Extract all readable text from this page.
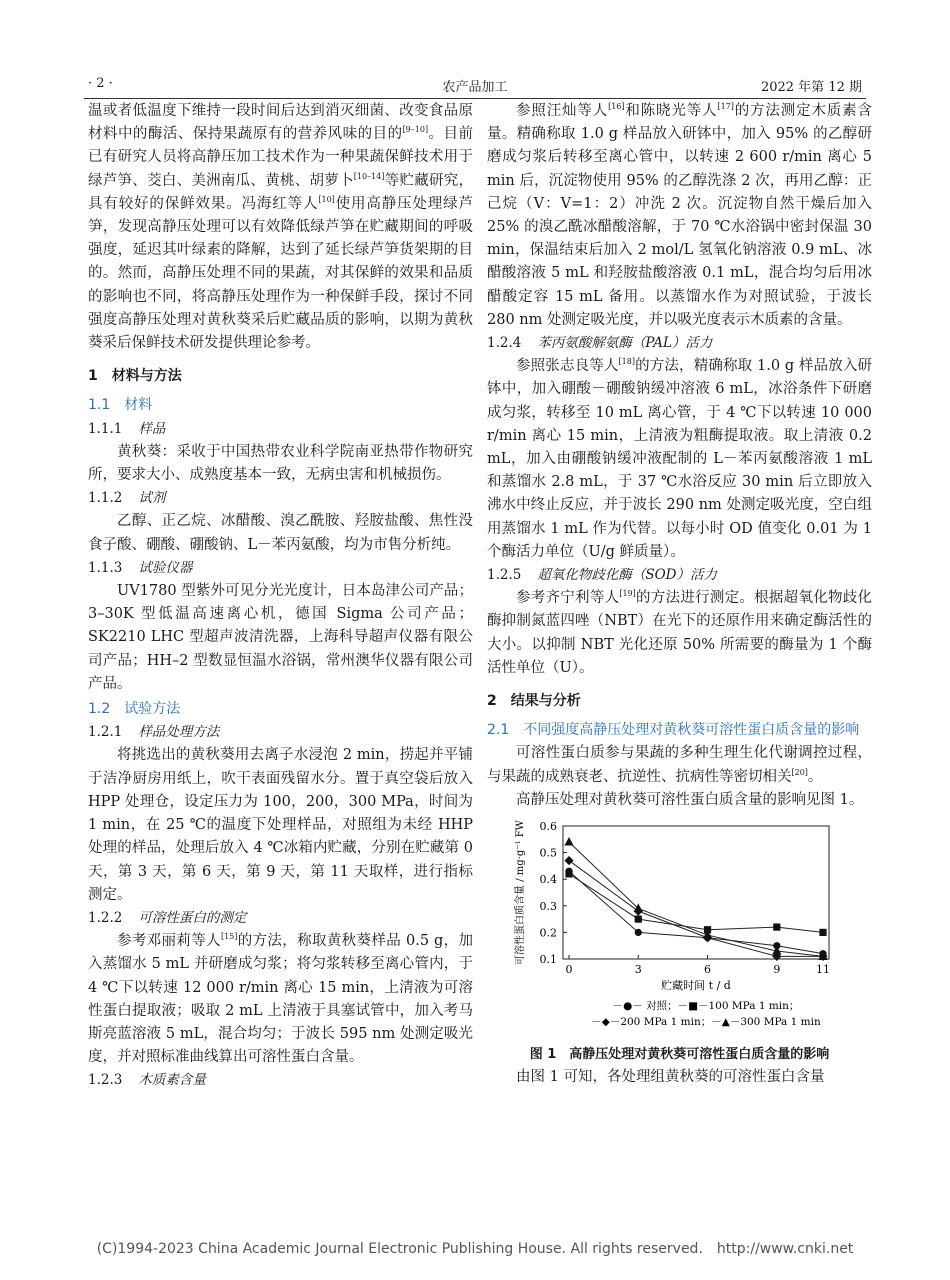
· 2 ·	农产品加工	2022 年第 12 期

温或者低温度下维持一段时间后达到消灭细菌、改变食品原材料中的酶活、保持果蔬原有的营养风味的目的[9–10]。目前已有研究人员将高静压加工技术作为一种果蔬保鲜技术用于绿芦笋、茭白、美洲南瓜、黄桃、胡萝卜[10–14]等贮藏研究，具有较好的保鲜效果。冯海红等人[10]使用高静压处理绿芦笋，发现高静压处理可以有效降低绿芦笋在贮藏期间的呼吸强度，延迟其叶绿素的降解，达到了延长绿芦笋货架期的目的。然而，高静压处理不同的果蔬，对其保鲜的效果和品质的影响也不同，将高静压处理作为一种保鲜手段，探讨不同强度高静压处理对黄秋葵采后贮藏品质的影响，以期为黄秋葵采后保鲜技术研发提供理论参考。

1　材料与方法
1.1　材料
1.1.1 样品

黄秋葵：采收于中国热带农业科学院南亚热带作物研究所，要求大小、成熟度基本一致，无病虫害和机械损伤。

1.1.2 试剂

乙醇、正乙烷、冰醋酸、溴乙酰胺、羟胺盐酸、焦性没食子酸、硼酸、硼酸钠、L－苯丙氨酸，均为市售分析纯。

1.1.3 试验仪器

UV1780 型紫外可见分光光度计，日本岛津公司产品；3–30K 型低温高速离心机，德国 Sigma 公司产品；SK2210 LHC 型超声波清洗器，上海科导超声仪器有限公司产品；HH–2 型数显恒温水浴锅，常州澳华仪器有限公司产品。

1.2　试验方法
1.2.1 样品处理方法

将挑选出的黄秋葵用去离子水浸泡 2 min，捞起并平铺于洁净厨房用纸上，吹干表面残留水分。置于真空袋后放入 HPP 处理仓，设定压力为 100，200，300 MPa，时间为 1 min，在 25 ℃的温度下处理样品，对照组为未经 HHP 处理的样品，处理后放入 4 ℃冰箱内贮藏，分别在贮藏第 0 天，第 3 天，第 6 天，第 9 天，第 11 天取样，进行指标测定。

1.2.2 可溶性蛋白的测定

参考邓丽莉等人[15]的方法，称取黄秋葵样品 0.5 g，加入蒸馏水 5 mL 并研磨成匀浆；将匀浆转移至离心管内，于 4 ℃下以转速 12 000 r/min 离心 15 min，上清液为可溶性蛋白提取液；吸取 2 mL 上清液于具塞试管中，加入考马斯亮蓝溶液 5 mL，混合均匀；于波长 595 nm 处测定吸光度，并对照标准曲线算出可溶性蛋白含量。

1.2.3 木质素含量

参照汪灿等人[16]和陈晓光等人[17]的方法测定木质素含量。精确称取 1.0 g 样品放入研钵中，加入 95% 的乙醇研磨成匀浆后转移至离心管中，以转速 2 600 r/min 离心 5 min 后，沉淀物使用 95% 的乙醇洗涤 2 次，再用乙醇：正己烷（V：V=1：2）冲洗 2 次。沉淀物自然干燥后加入 25% 的溴乙酰冰醋酸溶解，于 70 ℃水浴锅中密封保温 30 min，保温结束后加入 2 mol/L 氢氧化钠溶液 0.9 mL、冰醋酸溶液 5 mL 和羟胺盐酸溶液 0.1 mL，混合均匀后用冰醋酸定容 15 mL 备用。以蒸馏水作为对照试验，于波长 280 nm 处测定吸光度，并以吸光度表示木质素的含量。

1.2.4 苯丙氨酸解氨酶（PAL）活力

参照张志良等人[18]的方法，精确称取 1.0 g 样品放入研钵中，加入硼酸－硼酸钠缓冲溶液 6 mL，冰浴条件下研磨成匀浆，转移至 10 mL 离心管，于 4 ℃下以转速 10 000 r/min 离心 15 min，上清液为粗酶提取液。取上清液 0.2 mL，加入由硼酸钠缓冲液配制的 L－苯丙氨酸溶液 1 mL 和蒸馏水 2.8 mL，于 37 ℃水浴反应 30 min 后立即放入沸水中终止反应，并于波长 290 nm 处测定吸光度，空白组用蒸馏水 1 mL 作为代替。以每小时 OD 值变化 0.01 为 1 个酶活力单位（U/g 鲜质量）。

1.2.5 超氧化物歧化酶（SOD）活力

参考齐宁利等人[19]的方法进行测定。根据超氧化物歧化酶抑制氮蓝四唑（NBT）在光下的还原作用来确定酶活性的大小。以抑制 NBT 光化还原 50% 所需要的酶量为 1 个酶活性单位（U）。

2　结果与分析
2.1　不同强度高静压处理对黄秋葵可溶性蛋白质含量的影响

可溶性蛋白质参与果蔬的多种生理生化代谢调控过程，与果蔬的成熟衰老、抗逆性、抗病性等密切相关[20]。

高静压处理对黄秋葵可溶性蛋白质含量的影响见图 1。

0.1
0.2
0.3
0.4
0.5
0.6
0	3	6	9	11
贮藏时间 t / d
可溶性蛋白质含量 / mg·g⁻¹ FW
－●－ 对照；－■－100 MPa 1 min；
－◆－200 MPa 1 min；－▲－300 MPa 1 min
图 1　高静压处理对黄秋葵可溶性蛋白质含量的影响

由图 1 可知，各处理组黄秋葵的可溶性蛋白含量

(C)1994-2023 China Academic Journal Electronic Publishing House. All rights reserved.　http://www.cnki.net
